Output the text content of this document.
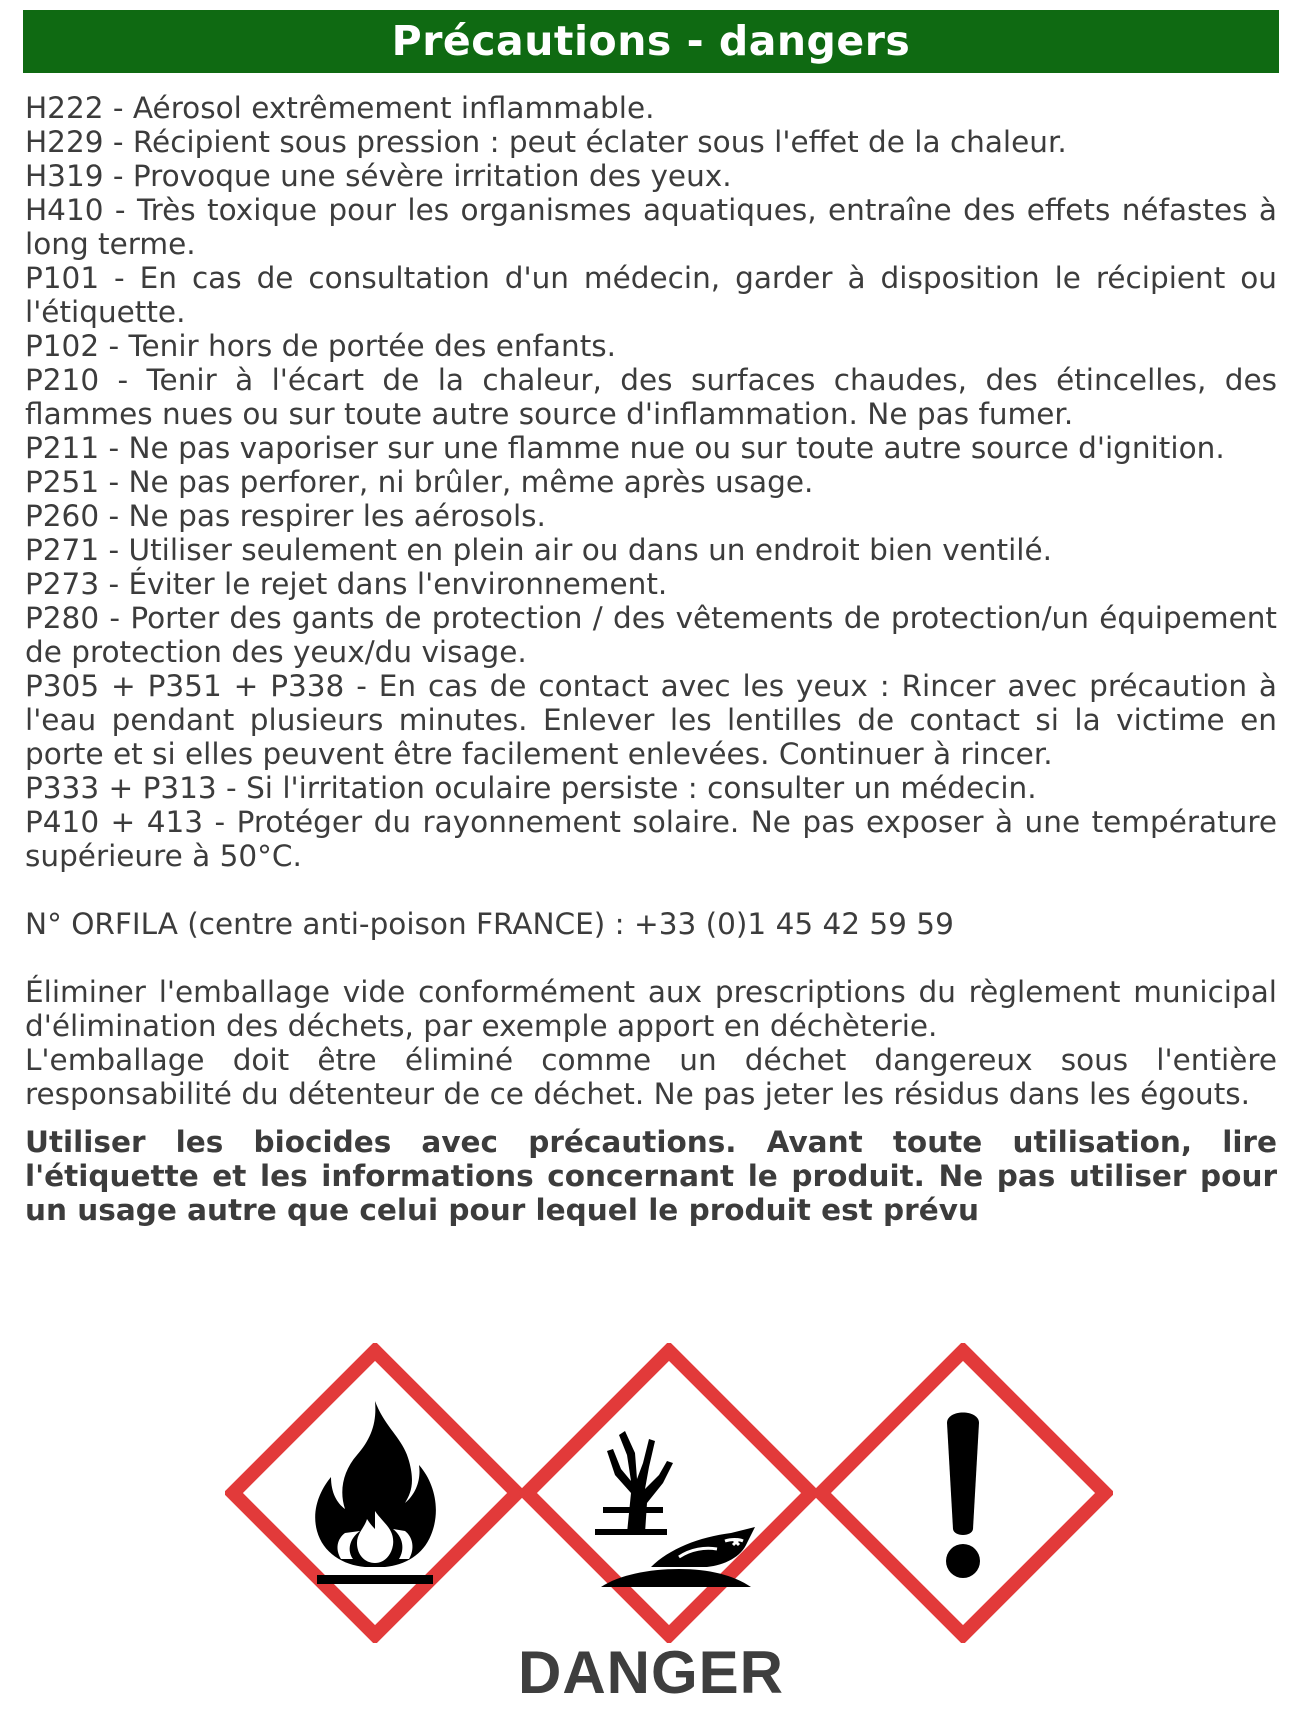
Précautions - dangers
H222 - Aérosol extrêmement inflammable.
H229 - Récipient sous pression : peut éclater sous l'effet de la chaleur.
H319 - Provoque une sévère irritation des yeux.
H410 - Très toxique pour les organismes aquatiques, entraîne des effets néfastes à long terme.
P101 - En cas de consultation d'un médecin, garder à disposition le récipient ou l'étiquette.
P102 - Tenir hors de portée des enfants.
P210 - Tenir à l'écart de la chaleur, des surfaces chaudes, des étincelles, des flammes nues ou sur toute autre source d'inflammation. Ne pas fumer.
P211 - Ne pas vaporiser sur une flamme nue ou sur toute autre source d'ignition.
P251 - Ne pas perforer, ni brûler, même après usage.
P260 - Ne pas respirer les aérosols.
P271 - Utiliser seulement en plein air ou dans un endroit bien ventilé.
P273 - Éviter le rejet dans l'environnement.
P280 - Porter des gants de protection / des vêtements de protection/un équipement de protection des yeux/du visage.
P305 + P351 + P338 - En cas de contact avec les yeux : Rincer avec précaution à l'eau pendant plusieurs minutes. Enlever les lentilles de contact si la victime en porte et si elles peuvent être facilement enlevées. Continuer à rincer.
P333 + P313 - Si l'irritation oculaire persiste : consulter un médecin.
P410 + 413 - Protéger du rayonnement solaire. Ne pas exposer à une température supérieure à 50°C.
N° ORFILA (centre anti-poison FRANCE) : +33 (0)1 45 42 59 59
Éliminer l'emballage vide conformément aux prescriptions du règlement municipal d'élimination des déchets, par exemple apport en déchèterie.
L'emballage doit être éliminé comme un déchet dangereux sous l'entière responsabilité du détenteur de ce déchet. Ne pas jeter les résidus dans les égouts.
Utiliser les biocides avec précautions. Avant toute utilisation, lire l'étiquette et les informations concernant le produit. Ne pas utiliser pour un usage autre que celui pour lequel le produit est prévu
DANGER
